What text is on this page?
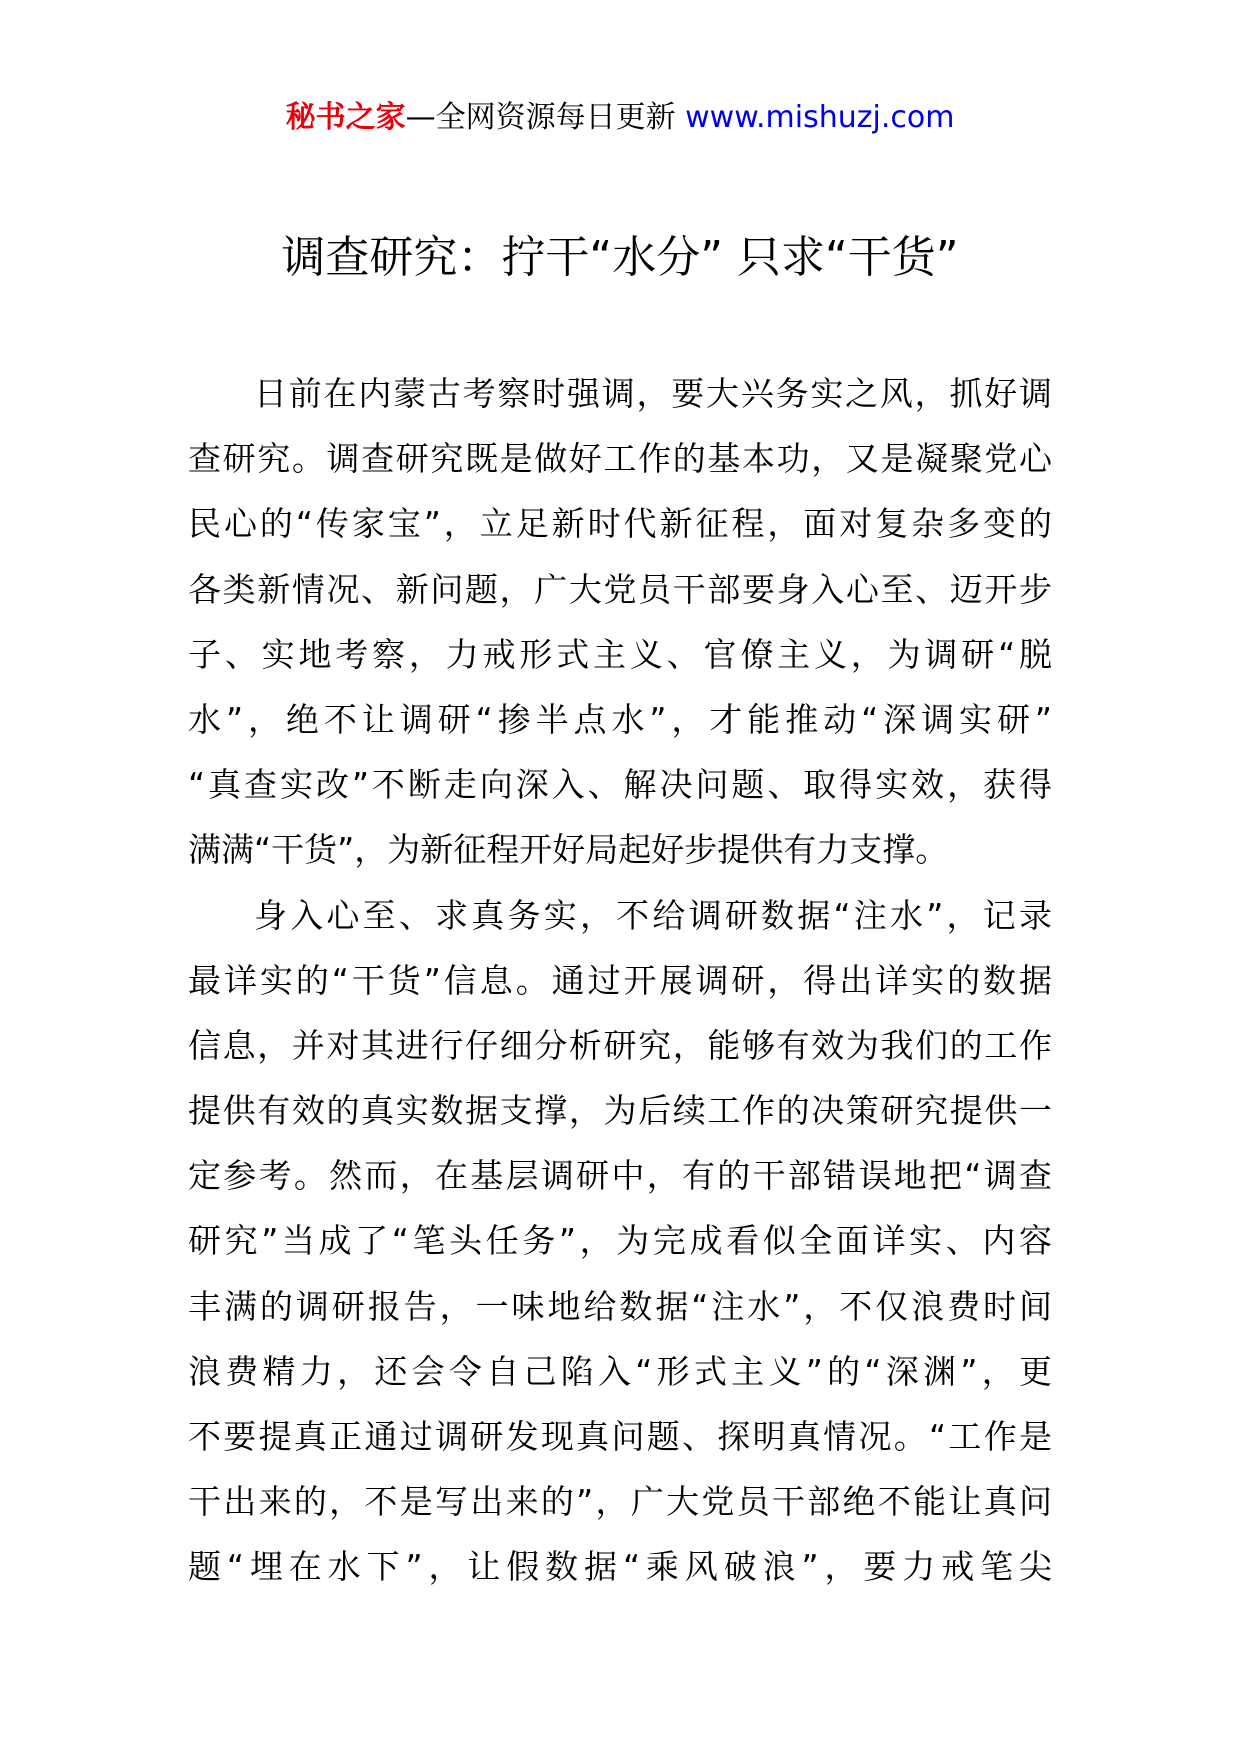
秘书之家—全网资源每日更新 www.mishuzj.com
调查研究：拧干“水分” 只求“干货”
日前在内蒙古考察时强调，要大兴务实之风，抓好调
查研究。调查研究既是做好工作的基本功，又是凝聚党心
民心的“传家宝”，立足新时代新征程，面对复杂多变的
各类新情况、新问题，广大党员干部要身入心至、迈开步
子、实地考察，力戒形式主义、官僚主义，为调研“脱
水”，绝不让调研“掺半点水”，才能推动“深调实研”
“真查实改”不断走向深入、解决问题、取得实效，获得
满满“干货”，为新征程开好局起好步提供有力支撑。
身入心至、求真务实，不给调研数据“注水”，记录
最详实的“干货”信息。通过开展调研，得出详实的数据
信息，并对其进行仔细分析研究，能够有效为我们的工作
提供有效的真实数据支撑，为后续工作的决策研究提供一
定参考。然而，在基层调研中，有的干部错误地把“调查
研究”当成了“笔头任务”，为完成看似全面详实、内容
丰满的调研报告，一味地给数据“注水”，不仅浪费时间
浪费精力，还会令自己陷入“形式主义”的“深渊”，更
不要提真正通过调研发现真问题、探明真情况。“工作是
干出来的，不是写出来的”，广大党员干部绝不能让真问
题“埋在水下”，让假数据“乘风破浪”，要力戒笔尖
